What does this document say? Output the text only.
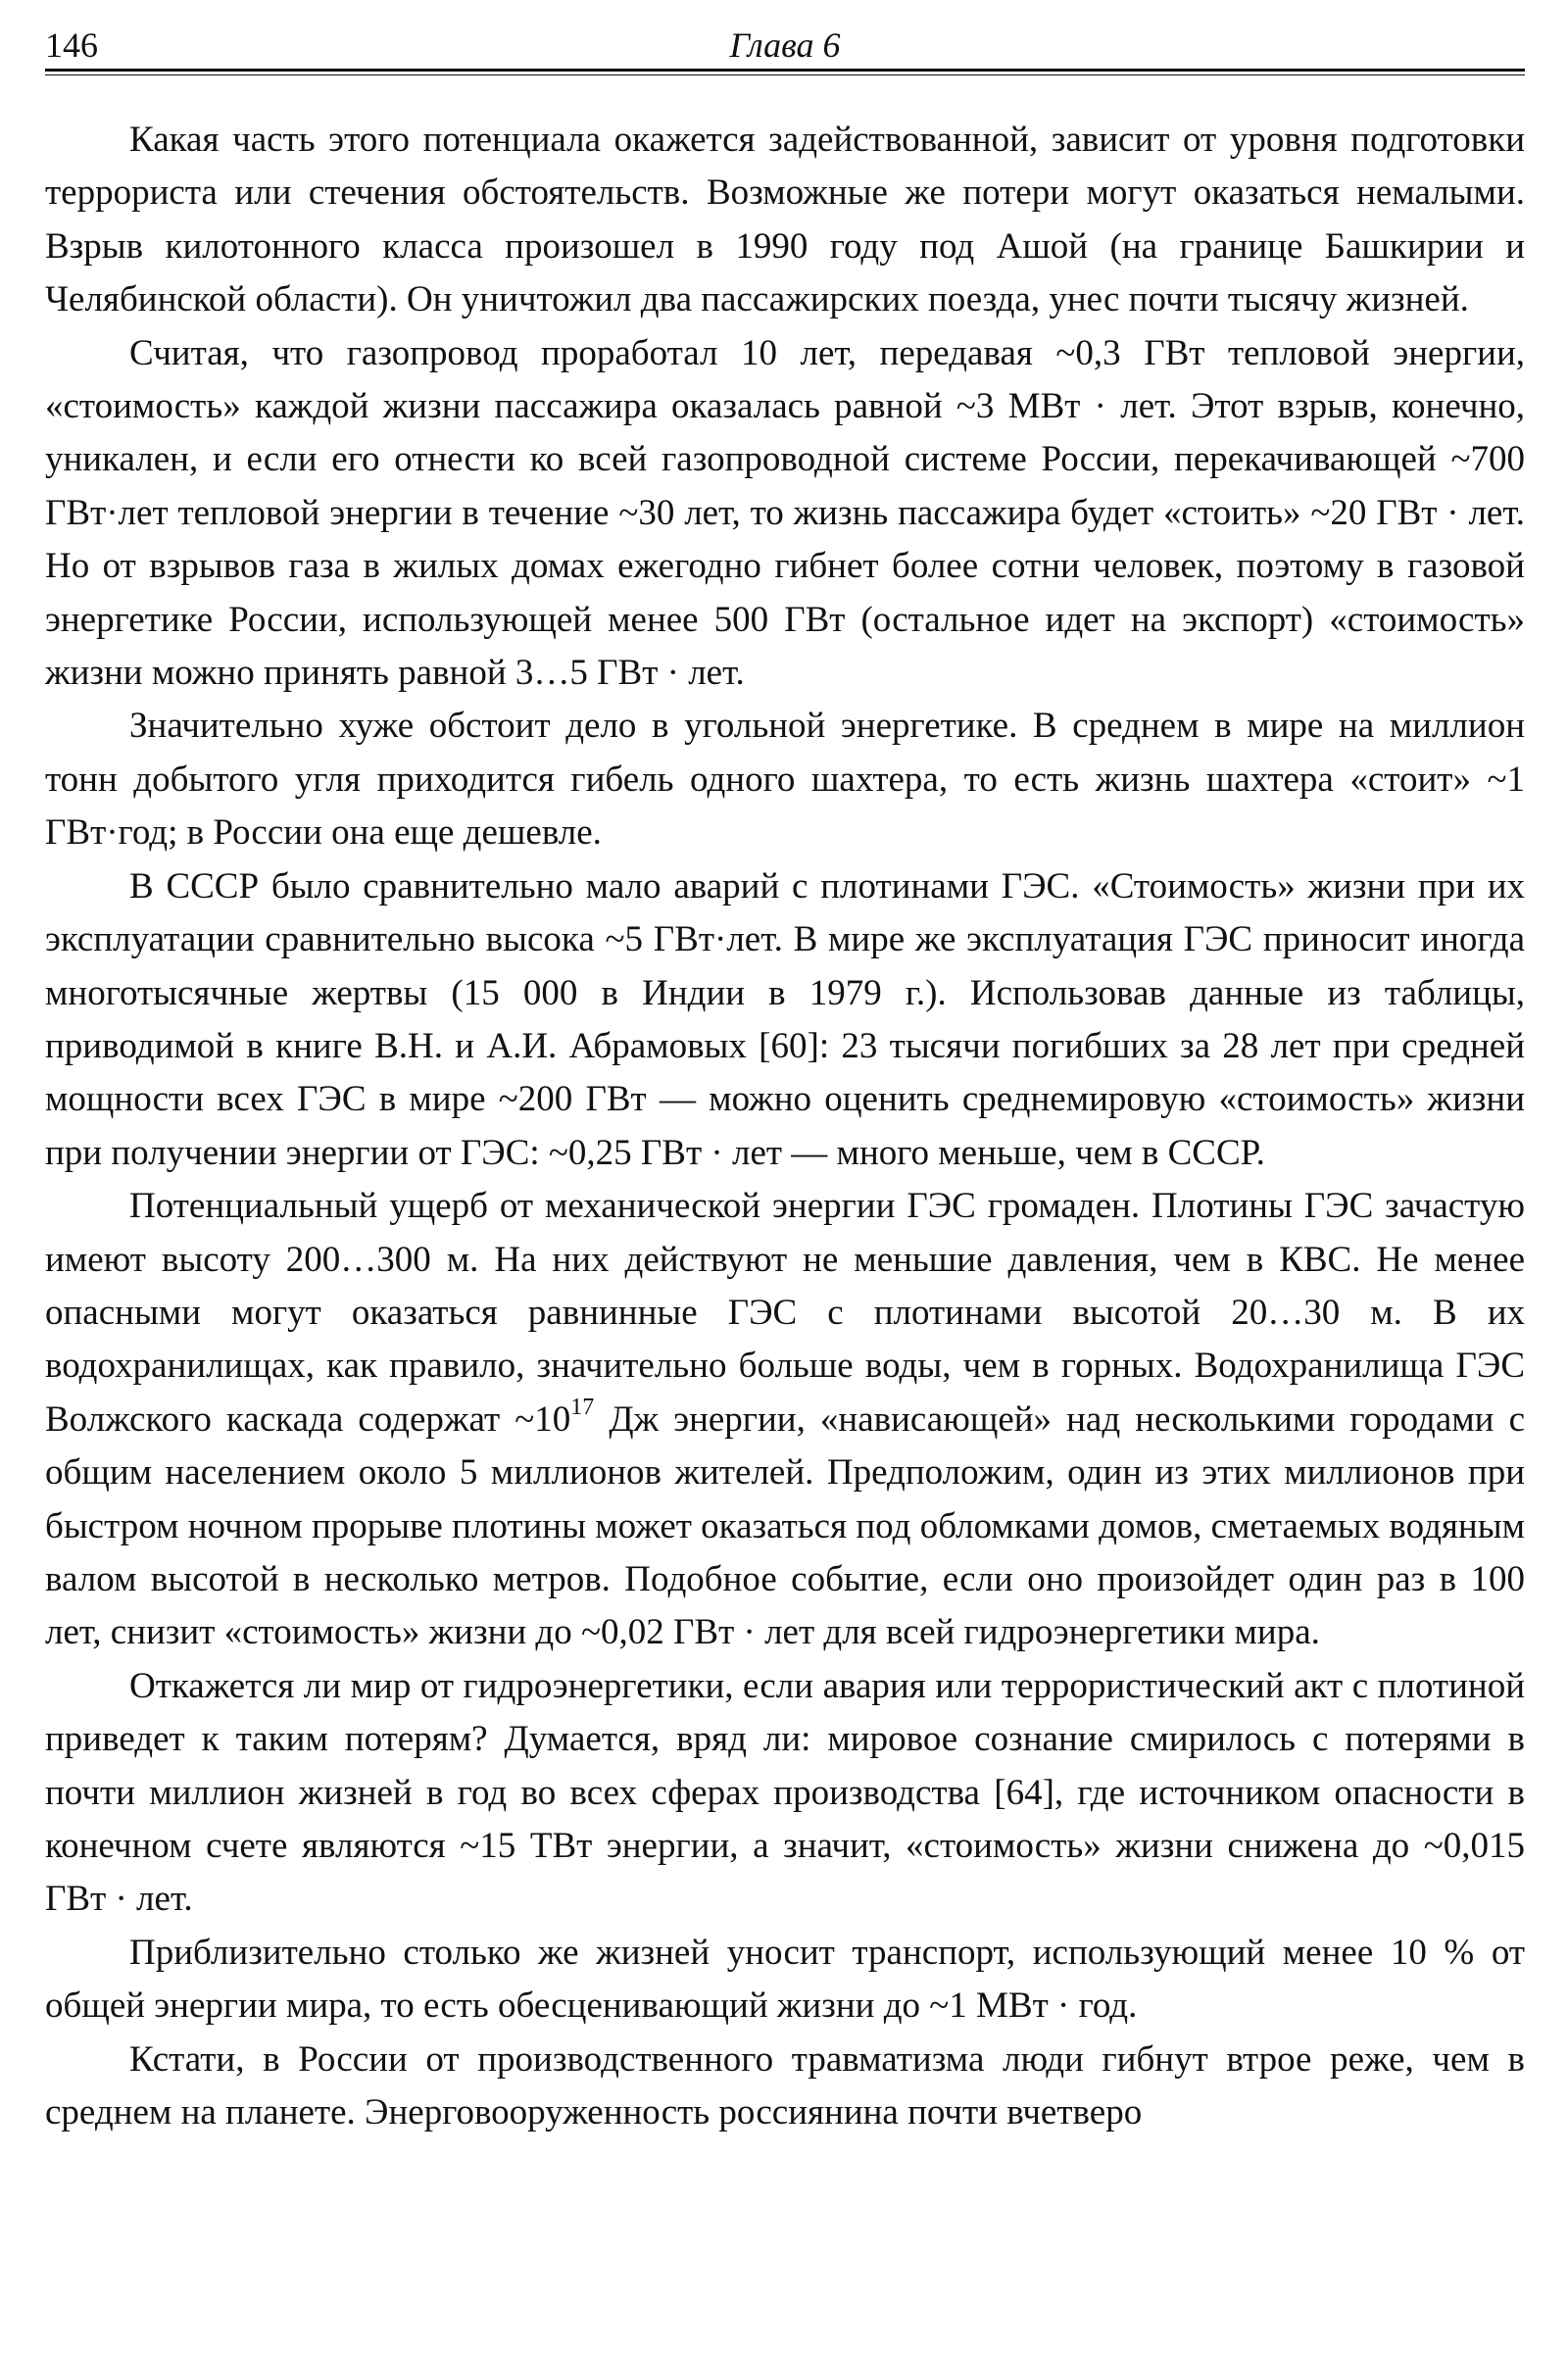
146	Глава 6

Какая часть этого потенциала окажется задействованной, зависит от уровня подготовки террориста или стечения обстоятельств. Возможные же потери могут оказаться немалыми. Взрыв килотонного класса произошел в 1990 году под Ашой (на границе Башкирии и Челябинской области). Он уничтожил два пассажирских поезда, унес почти тысячу жизней.

Считая, что газопровод проработал 10 лет, передавая ~0,3 ГВт тепловой энергии, «стоимость» каждой жизни пассажира оказалась равной ~3 МВт · лет. Этот взрыв, конечно, уникален, и если его отнести ко всей газопроводной системе России, перекачивающей ~700 ГВт·лет тепловой энергии в течение ~30 лет, то жизнь пассажира будет «стоить» ~20 ГВт · лет. Но от взрывов газа в жилых домах ежегодно гибнет более сотни человек, поэтому в газовой энергетике России, использующей менее 500 ГВт (остальное идет на экспорт) «стоимость» жизни можно принять равной 3…5 ГВт · лет.

Значительно хуже обстоит дело в угольной энергетике. В среднем в мире на миллион тонн добытого угля приходится гибель одного шахтера, то есть жизнь шахтера «стоит» ~1 ГВт·год; в России она еще дешевле.

В СССР было сравнительно мало аварий с плотинами ГЭС. «Стоимость» жизни при их эксплуатации сравнительно высока ~5 ГВт·лет. В мире же эксплуатация ГЭС приносит иногда многотысячные жертвы (15 000 в Индии в 1979 г.). Использовав данные из таблицы, приводимой в книге В.Н. и А.И. Абрамовых [60]: 23 тысячи погибших за 28 лет при средней мощности всех ГЭС в мире ~200 ГВт — можно оценить среднемировую «стоимость» жизни при получении энергии от ГЭС: ~0,25 ГВт · лет — много меньше, чем в СССР.

Потенциальный ущерб от механической энергии ГЭС громаден. Плотины ГЭС зачастую имеют высоту 200…300 м. На них действуют не меньшие давления, чем в КВС. Не менее опасными могут оказаться равнинные ГЭС с плотинами высотой 20…30 м. В их водохранилищах, как правило, значительно больше воды, чем в горных. Водохранилища ГЭС Волжского каскада содержат $\sim 10^{17}$ Дж энергии, «нависающей» над несколькими городами с общим населением около 5 миллионов жителей. Предположим, один из этих миллионов при быстром ночном прорыве плотины может оказаться под обломками домов, сметаемых водяным валом высотой в несколько метров. Подобное событие, если оно произойдет один раз в 100 лет, снизит «стоимость» жизни до ~0,02 ГВт · лет для всей гидроэнергетики мира.

Откажется ли мир от гидроэнергетики, если авария или террористический акт с плотиной приведет к таким потерям? Думается, вряд ли: мировое сознание смирилось с потерями в почти миллион жизней в год во всех сферах производства [64], где источником опасности в конечном счете являются ~15 ТВт энергии, а значит, «стоимость» жизни снижена до ~0,015 ГВт · лет.

Приблизительно столько же жизней уносит транспорт, использующий менее 10 % от общей энергии мира, то есть обесценивающий жизни до ~1 МВт · год.

Кстати, в России от производственного травматизма люди гибнут втрое реже, чем в среднем на планете. Энерговооруженность россиянина почти вчетверо
